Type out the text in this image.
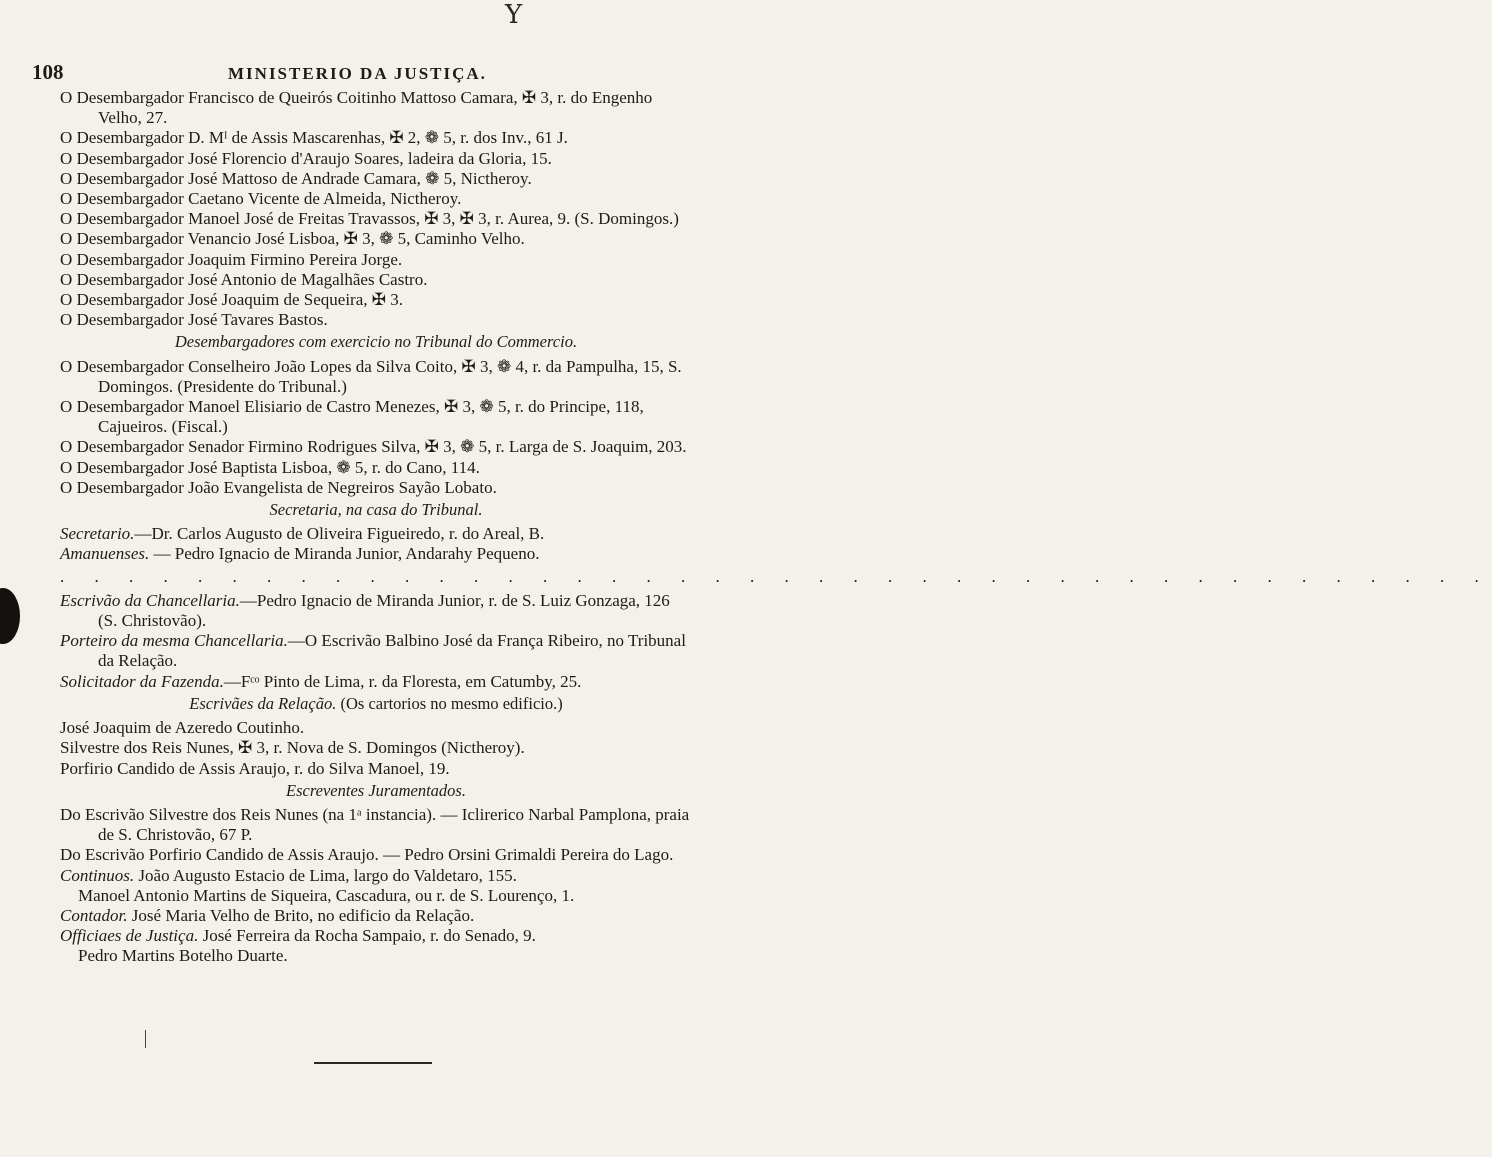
Y
108	MINISTERIO DA JUSTIÇA.

O Desembargador Francisco de Queirós Coitinho Mattoso Camara, ✠ 3, r. do Engenho Velho, 27.

O Desembargador D. Mᴵ de Assis Mascarenhas, ✠ 2, ❁ 5, r. dos Inv., 61 J.

O Desembargador José Florencio d'Araujo Soares, ladeira da Gloria, 15.

O Desembargador José Mattoso de Andrade Camara, ❁ 5, Nictheroy.

O Desembargador Caetano Vicente de Almeida, Nictheroy.

O Desembargador Manoel José de Freitas Travassos, ✠ 3, ✠ 3, r. Aurea, 9. (S. Domingos.)

O Desembargador Venancio José Lisboa, ✠ 3, ❁ 5, Caminho Velho.

O Desembargador Joaquim Firmino Pereira Jorge.

O Desembargador José Antonio de Magalhães Castro.

O Desembargador José Joaquim de Sequeira, ✠ 3.

O Desembargador José Tavares Bastos.

Desembargadores com exercicio no Tribunal do Commercio.

O Desembargador Conselheiro João Lopes da Silva Coito, ✠ 3, ❁ 4, r. da Pampulha, 15, S. Domingos. (Presidente do Tribunal.)

O Desembargador Manoel Elisiario de Castro Menezes, ✠ 3, ❁ 5, r. do Principe, 118, Cajueiros. (Fiscal.)

O Desembargador Senador Firmino Rodrigues Silva, ✠ 3, ❁ 5, r. Larga de S. Joaquim, 203.

O Desembargador José Baptista Lisboa, ❁ 5, r. do Cano, 114.

O Desembargador João Evangelista de Negreiros Sayão Lobato.

Secretaria, na casa do Tribunal.

Secretario.—Dr. Carlos Augusto de Oliveira Figueiredo, r. do Areal, B.

Amanuenses. — Pedro Ignacio de Miranda Junior, Andarahy Pequeno.

. . . . . . . . . . . . . . . . . . . . . . . . . . . . . . . . . . . . . . . . . .

Escrivão da Chancellaria.—Pedro Ignacio de Miranda Junior, r. de S. Luiz Gonzaga, 126 (S. Christovão).

Porteiro da mesma Chancellaria.—O Escrivão Balbino José da França Ribeiro, no Tribunal da Relação.

Solicitador da Fazenda.—Fᶜᵒ Pinto de Lima, r. da Floresta, em Catumby, 25.

Escrivães da Relação. (Os cartorios no mesmo edificio.)

José Joaquim de Azeredo Coutinho.

Silvestre dos Reis Nunes, ✠ 3, r. Nova de S. Domingos (Nictheroy).

Porfirio Candido de Assis Araujo, r. do Silva Manoel, 19.

Escreventes Juramentados.

Do Escrivão Silvestre dos Reis Nunes (na 1ᵃ instancia). — Iclirerico Narbal Pamplona, praia de S. Christovão, 67 P.

Do Escrivão Porfirio Candido de Assis Araujo. — Pedro Orsini Grimaldi Pereira do Lago.

Continuos. João Augusto Estacio de Lima, largo do Valdetaro, 155.

Manoel Antonio Martins de Siqueira, Cascadura, ou r. de S. Lourenço, 1.

Contador. José Maria Velho de Brito, no edificio da Relação.

Officiaes de Justiça. José Ferreira da Rocha Sampaio, r. do Senado, 9.

Pedro Martins Botelho Duarte.
